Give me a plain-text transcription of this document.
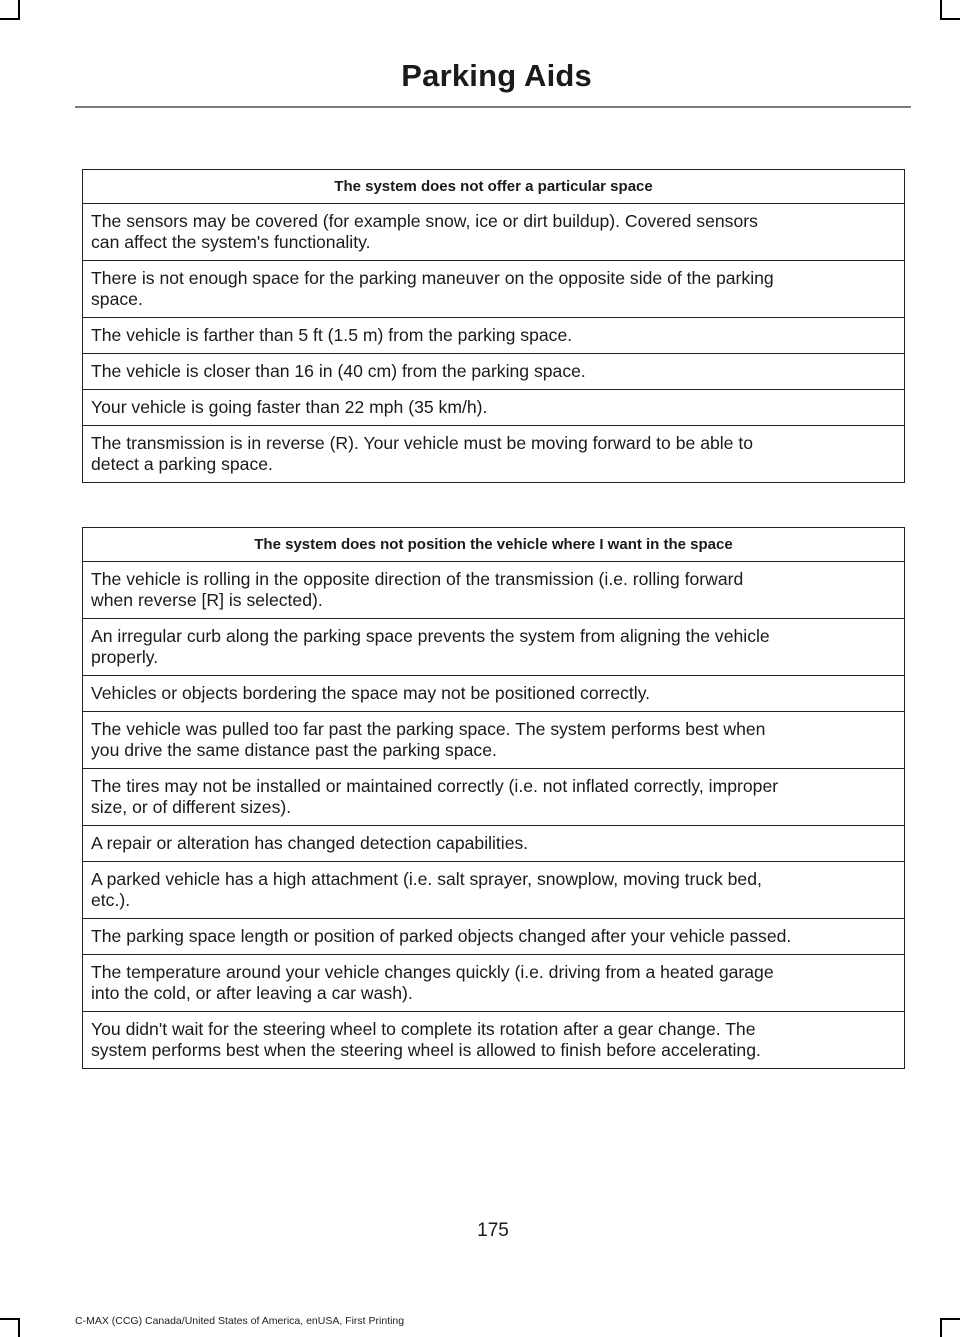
Parking Aids
The system does not offer a particular space
The sensors may be covered (for example snow, ice or dirt buildup). Covered sensors
can affect the system's functionality.
There is not enough space for the parking maneuver on the opposite side of the parking
space.
The vehicle is farther than 5 ft (1.5 m) from the parking space.
The vehicle is closer than 16 in (40 cm) from the parking space.
Your vehicle is going faster than 22 mph (35 km/h).
The transmission is in reverse (R). Your vehicle must be moving forward to be able to
detect a parking space.
The system does not position the vehicle where I want in the space
The vehicle is rolling in the opposite direction of the transmission (i.e. rolling forward
when reverse [R] is selected).
An irregular curb along the parking space prevents the system from aligning the vehicle
properly.
Vehicles or objects bordering the space may not be positioned correctly.
The vehicle was pulled too far past the parking space. The system performs best when
you drive the same distance past the parking space.
The tires may not be installed or maintained correctly (i.e. not inflated correctly, improper
size, or of different sizes).
A repair or alteration has changed detection capabilities.
A parked vehicle has a high attachment (i.e. salt sprayer, snowplow, moving truck bed,
etc.).
The parking space length or position of parked objects changed after your vehicle passed.
The temperature around your vehicle changes quickly (i.e. driving from a heated garage
into the cold, or after leaving a car wash).
You didn't wait for the steering wheel to complete its rotation after a gear change. The
system performs best when the steering wheel is allowed to finish before accelerating.
175
C-MAX (CCG) Canada/United States of America, enUSA, First Printing
